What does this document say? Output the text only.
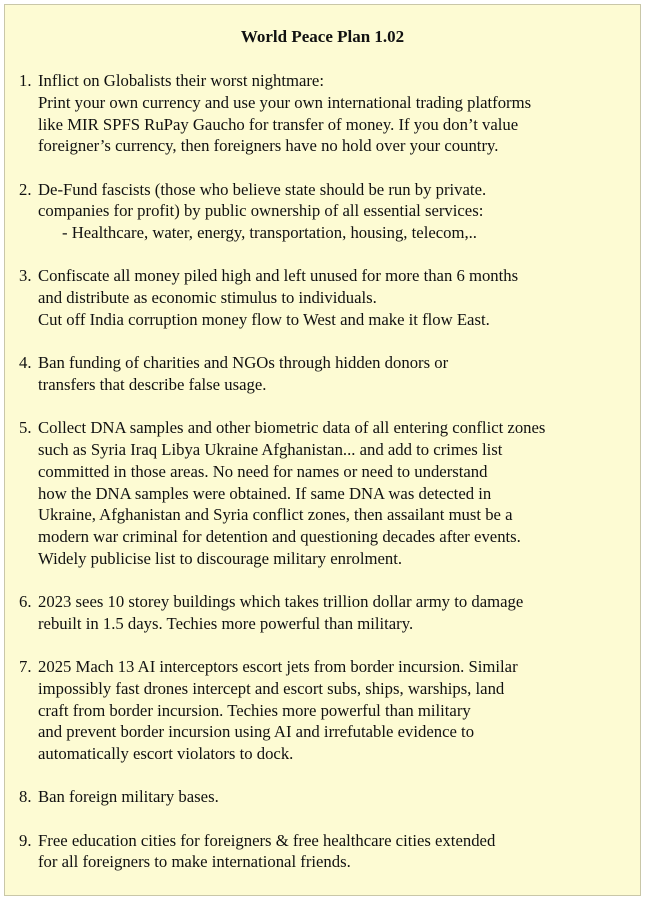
World Peace Plan 1.02
1. Inflict on Globalists their worst nightmare:
Print your own currency and use your own international trading platforms
like MIR SPFS RuPay Gaucho for transfer of money. If you don’t value
foreigner’s currency, then foreigners have no hold over your country.
2. De-Fund fascists (those who believe state should be run by private.
companies for profit) by public ownership of all essential services:
- Healthcare, water, energy, transportation, housing, telecom,..
3. Confiscate all money piled high and left unused for more than 6 months
and distribute as economic stimulus to individuals.
Cut off India corruption money flow to West and make it flow East.
4. Ban funding of charities and NGOs through hidden donors or
transfers that describe false usage.
5. Collect DNA samples and other biometric data of all entering conflict zones
such as Syria Iraq Libya Ukraine Afghanistan... and add to crimes list
committed in those areas. No need for names or need to understand
how the DNA samples were obtained. If same DNA was detected in
Ukraine, Afghanistan and Syria conflict zones, then assailant must be a
modern war criminal for detention and questioning decades after events.
Widely publicise list to discourage military enrolment.
6. 2023 sees 10 storey buildings which takes trillion dollar army to damage
rebuilt in 1.5 days. Techies more powerful than military.
7. 2025 Mach 13 AI interceptors escort jets from border incursion. Similar
impossibly fast drones intercept and escort subs, ships, warships, land
craft from border incursion. Techies more powerful than military
and prevent border incursion using AI and irrefutable evidence to
automatically escort violators to dock.
8. Ban foreign military bases.
9. Free education cities for foreigners & free healthcare cities extended
for all foreigners to make international friends.
